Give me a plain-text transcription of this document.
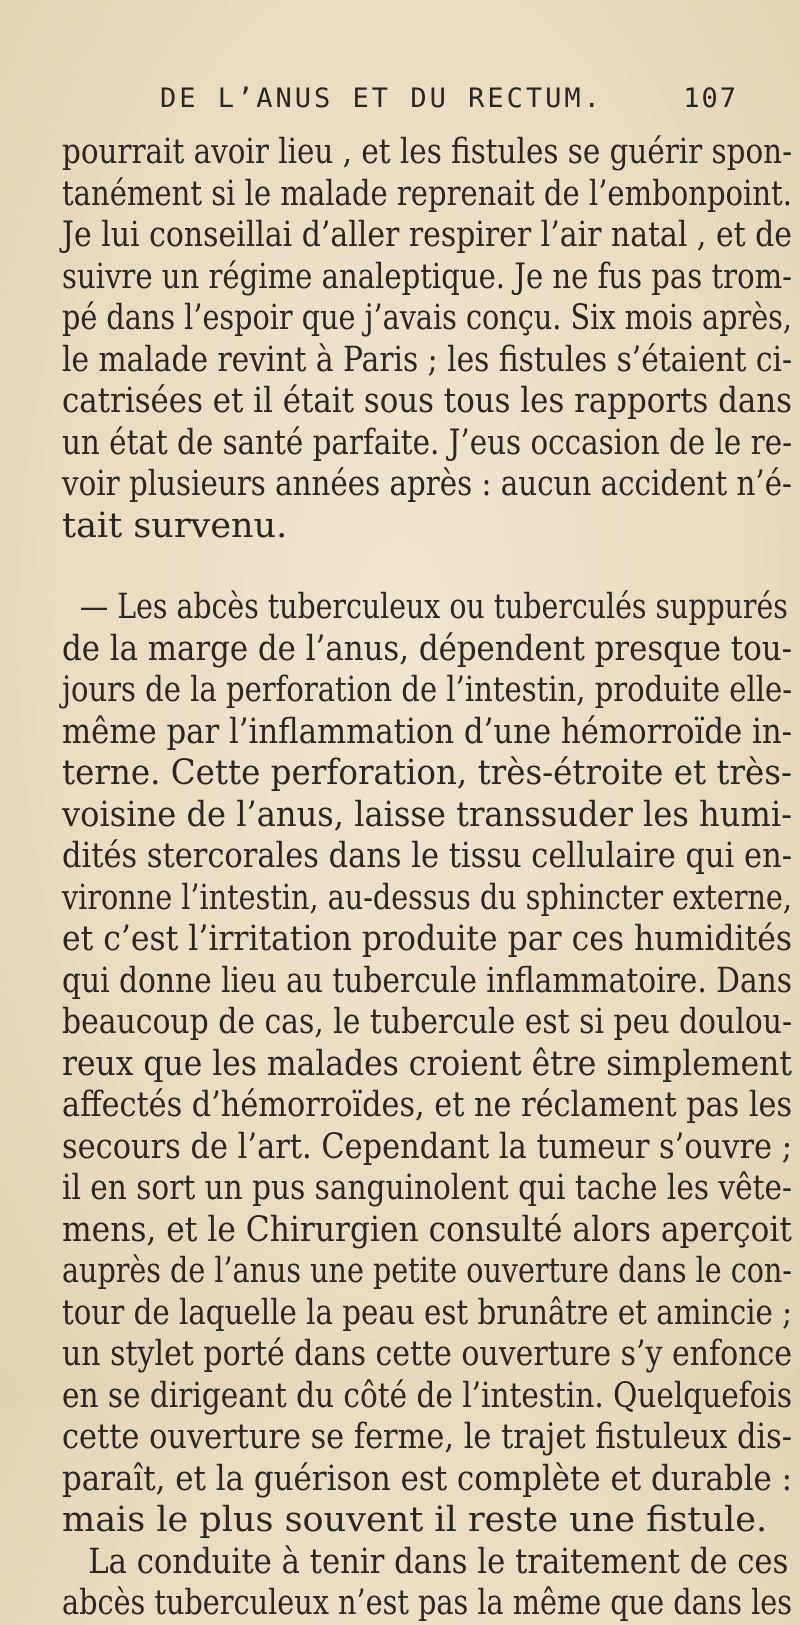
DE L’ANUS ET DU RECTUM.	107
pourrait avoir lieu , et les fistules se guérir spon-
tanément si le malade reprenait de l’embonpoint.
Je lui conseillai d’aller respirer l’air natal , et de
suivre un régime analeptique. Je ne fus pas trom-
pé dans l’espoir que j’avais conçu. Six mois après,
le malade revint à Paris ; les fistules s’étaient ci-
catrisées et il était sous tous les rapports dans
un état de santé parfaite. J’eus occasion de le re-
voir plusieurs années après : aucun accident n’é-
tait survenu.
— Les abcès tuberculeux ou tuberculés suppurés
de la marge de l’anus, dépendent presque tou-
jours de la perforation de l’intestin, produite elle-
même par l’inflammation d’une hémorroïde in-
terne. Cette perforation, très-étroite et très-
voisine de l’anus, laisse transsuder les humi-
dités stercorales dans le tissu cellulaire qui en-
vironne l’intestin, au-dessus du sphincter externe,
et c’est l’irritation produite par ces humidités
qui donne lieu au tubercule inflammatoire. Dans
beaucoup de cas, le tubercule est si peu doulou-
reux que les malades croient être simplement
affectés d’hémorroïdes, et ne réclament pas les
secours de l’art. Cependant la tumeur s’ouvre ;
il en sort un pus sanguinolent qui tache les vête-
mens, et le Chirurgien consulté alors aperçoit
auprès de l’anus une petite ouverture dans le con-
tour de laquelle la peau est brunâtre et amincie ;
un stylet porté dans cette ouverture s’y enfonce
en se dirigeant du côté de l’intestin. Quelquefois
cette ouverture se ferme, le trajet fistuleux dis-
paraît, et la guérison est complète et durable :
mais le plus souvent il reste une fistule.
La conduite à tenir dans le traitement de ces
abcès tuberculeux n’est pas la même que dans les
